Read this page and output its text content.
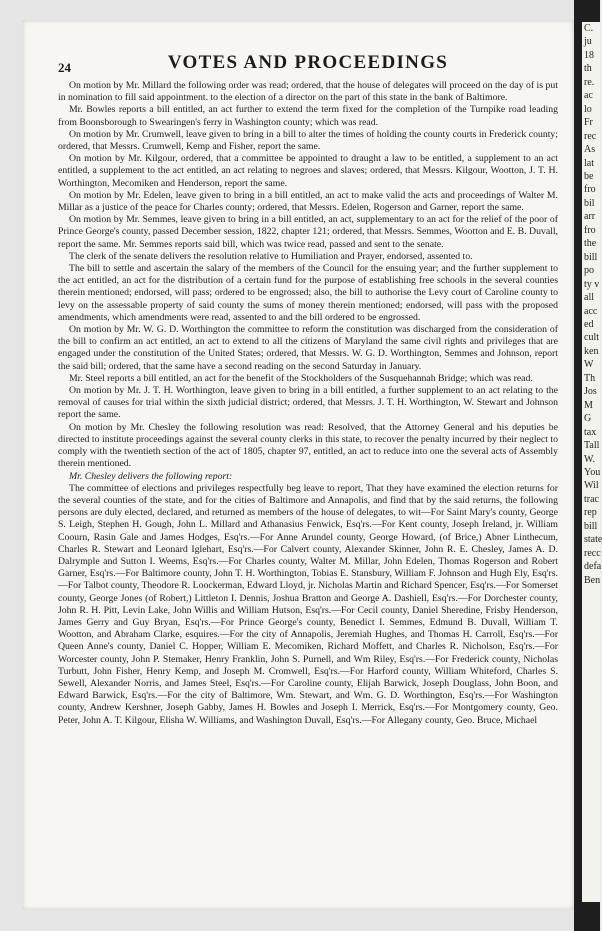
C.
ju
18
th
re.
ac
lo
Fr
rec
As
lat
be
fro
bil
arr
fro
the
bill
po
ty v
all
acc
ed
cult
ken
W
Th
Jos
M
G
tax
Tall
W.
You
Wil
trac
rep
bill
state
recc
defa
Ben
24	VOTES AND PROCEEDINGS

On motion by Mr. Millard the following order was read; ordered, that the house of delegates will proceed on the day of is put in nomination to fill said appointment. to the election of a director on the part of this state in the bank of Baltimore.

Mr. Bowles reports a bill entitled, an act further to extend the term fixed for the completion of the Turnpike road leading from Boonsborough to Swearingen's ferry in Washington county; which was read.

On motion by Mr. Crumwell, leave given to bring in a bill to alter the times of holding the county courts in Frederick county; ordered, that Messrs. Crumwell, Kemp and Fisher, report the same.

On motion by Mr. Kilgour, ordered, that a committee be appointed to draught a law to be entitled, a supplement to an act entitled, a supplement to the act entitled, an act relating to negroes and slaves; ordered, that Messrs. Kilgour, Wootton, J. T. H. Worthington, Mecomiken and Henderson, report the same.

On motion by Mr. Edelen, leave given to bring in a bill entitled, an act to make valid the acts and proceedings of Walter M. Millar as a justice of the peace for Charles county; ordered, that Messrs. Edelen, Rogerson and Garner, report the same.

On motion by Mr. Semmes, leave given to bring in a bill entitled, an act, supplementary to an act for the relief of the poor of Prince George's county, passed December session, 1822, chapter 121; ordered, that Messrs. Semmes, Wootton and E. B. Duvall, report the same. Mr. Semmes reports said bill, which was twice read, passed and sent to the senate.

The clerk of the senate delivers the resolution relative to Humiliation and Prayer, endorsed, assented to.

The bill to settle and ascertain the salary of the members of the Council for the ensuing year; and the further supplement to the act entitled, an act for the distribution of a certain fund for the purpose of establishing free schools in the several counties therein mentioned; endorsed, will pass; ordered to be engrossed; also, the bill to authorise the Levy court of Caroline county to levy on the assessable property of said county the sums of money therein mentioned; endorsed, will pass with the proposed amendments, which amendments were read, assented to and the bill ordered to be engrossed.

On motion by Mr. W. G. D. Worthington the committee to reform the constitution was discharged from the consideration of the bill to confirm an act entitled, an act to extend to all the citizens of Maryland the same civil rights and privileges that are engaged under the constitution of the United States; ordered, that Messrs. W. G. D. Worthington, Semmes and Johnson, report the said bill; ordered, that the same have a second reading on the second Saturday in January.

Mr. Steel reports a bill entitled, an act for the benefit of the Stockholders of the Susquehannah Bridge; which was read.

On motion by Mr. J. T. H. Worthington, leave given to bring in a bill entitled, a further supplement to an act relating to the removal of causes for trial within the sixth judicial district; ordered, that Messrs. J. T. H. Worthington, W. Stewart and Johnson report the same.

On motion by Mr. Chesley the following resolution was read: Resolved, that the Attorney General and his deputies be directed to institute proceedings against the several county clerks in this state, to recover the penalty incurred by their neglect to comply with the twentieth section of the act of 1805, chapter 97, entitled, an act to reduce into one the several acts of Assembly therein mentioned.

Mr. Chesley delivers the following report:

The committee of elections and privileges respectfully beg leave to report, That they have examined the election returns for the several counties of the state, and for the cities of Baltimore and Annapolis, and find that by the said returns, the following persons are duly elected, declared, and returned as members of the house of delegates, to wit—For Saint Mary's county, George S. Leigh, Stephen H. Gough, John L. Millard and Athanasius Fenwick, Esq'rs.—For Kent county, Joseph Ireland, jr. William Coourn, Rasin Gale and James Hodges, Esq'rs.—For Anne Arundel county, George Howard, (of Brice,) Abner Linthecum, Charles R. Stewart and Leonard Iglehart, Esq'rs.—For Calvert county, Alexander Skinner, John R. E. Chesley, James A. D. Dalrymple and Sutton I. Weems, Esq'rs.—For Charles county, Walter M. Millar, John Edelen, Thomas Rogerson and Robert Garner, Esq'rs.—For Baltimore county, John T. H. Worthington, Tobias E. Stansbury, William F. Johnson and Hugh Ely, Esq'rs.—For Talbot county, Theodore R. Loockerman, Edward Lloyd, jr. Nicholas Martin and Richard Spencer, Esq'rs.—For Somerset county, George Jones (of Robert,) Littleton I. Dennis, Joshua Bratton and George A. Dashiell, Esq'rs.—For Dorchester county, John R. H. Pitt, Levin Lake, John Willis and William Hutson, Esq'rs.—For Cecil county, Daniel Sheredine, Frisby Henderson, James Gerry and Guy Bryan, Esq'rs.—For Prince George's county, Benedict I. Semmes, Edmund B. Duvall, William T. Wootton, and Abraham Clarke, esquires.—For the city of Annapolis, Jeremiah Hughes, and Thomas H. Carroll, Esq'rs.—For Queen Anne's county, Daniel C. Hopper, William E. Mecomiken, Richard Moffett, and Charles R. Nicholson, Esq'rs.—For Worcester county, John P. Stemaker, Henry Franklin, John S. Purnell, and Wm Riley, Esq'rs.—For Frederick county, Nicholas Turbutt, John Fisher, Henry Kemp, and Joseph M. Cromwell, Esq'rs.—For Harford county, William Whiteford, Charles S. Sewell, Alexander Norris, and James Steel, Esq'rs.—For Caroline county, Elijah Barwick, Joseph Douglass, John Boon, and Edward Barwick, Esq'rs.—For the city of Baltimore, Wm. Stewart, and Wm. G. D. Worthington, Esq'rs.—For Washington county, Andrew Kershner, Joseph Gabby, James H. Bowles and Joseph I. Merrick, Esq'rs.—For Montgomery county, Geo. Peter, John A. T. Kilgour, Elisha W. Williams, and Washington Duvall, Esq'rs.—For Allegany county, Geo. Bruce, Michael
